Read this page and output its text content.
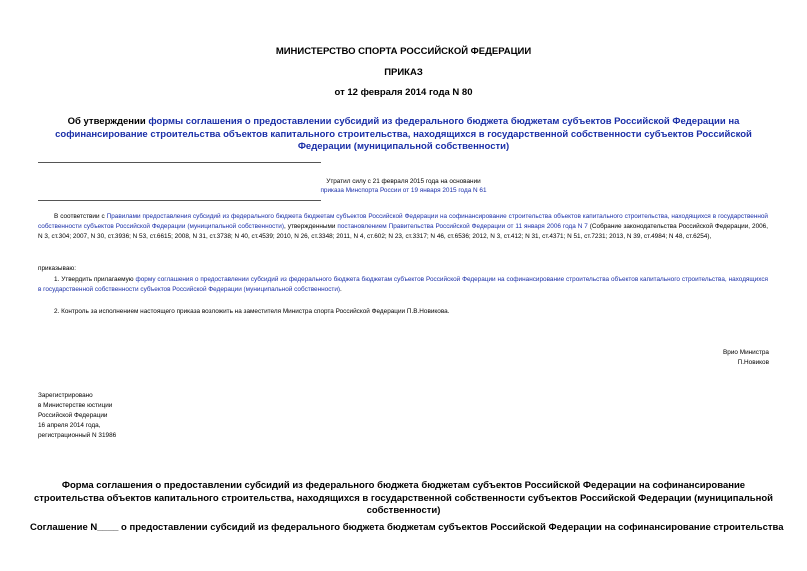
МИНИСТЕРСТВО СПОРТА РОССИЙСКОЙ ФЕДЕРАЦИИ
ПРИКАЗ
от 12 февраля 2014 года N 80
Об утверждении формы соглашения о предоставлении субсидий из федерального бюджета бюджетам субъектов Российской Федерации на софинансирование строительства объектов капитального строительства, находящихся в государственной собственности субъектов Российской Федерации (муниципальной собственности)
Утратил силу с 21 февраля 2015 года на основании
приказа Минспорта России от 19 января 2015 года N 61
В соответствии с Правилами предоставления субсидий из федерального бюджета бюджетам субъектов Российской Федерации на софинансирование строительства объектов капитального строительства, находящихся в государственной собственности субъектов Российской Федерации (муниципальной собственности), утвержденными постановлением Правительства Российской Федерации от 11 января 2006 года N 7 (Собрание законодательства Российской Федерации, 2006, N 3, ст.304; 2007, N 30, ст.3936; N 53, ст.6615; 2008, N 31, ст.3738; N 40, ст.4539; 2010, N 26, ст.3348; 2011, N 4, ст.602; N 23, ст.3317; N 46, ст.6536; 2012, N 3, ст.412; N 31, ст.4371; N 51, ст.7231; 2013, N 39, ст.4984; N 48, ст.6254),
приказываю:
1. Утвердить прилагаемую форму соглашения о предоставлении субсидий из федерального бюджета бюджетам субъектов Российской Федерации на софинансирование строительства объектов капитального строительства, находящихся в государственной собственности субъектов Российской Федерации (муниципальной собственности).
2. Контроль за исполнением настоящего приказа возложить на заместителя Министра спорта Российской Федерации П.В.Новикова.
Врио Министра
П.Новиков
Зарегистрировано
в Министерстве юстиции
Российской Федерации
16 апреля 2014 года,
регистрационный N 31986
Форма соглашения о предоставлении субсидий из федерального бюджета бюджетам субъектов Российской Федерации на софинансирование строительства объектов капитального строительства, находящихся в государственной собственности субъектов Российской Федерации (муниципальной собственности)
Соглашение N____ о предоставлении субсидий из федерального бюджета бюджетам субъектов Российской Федерации на софинансирование строительства
